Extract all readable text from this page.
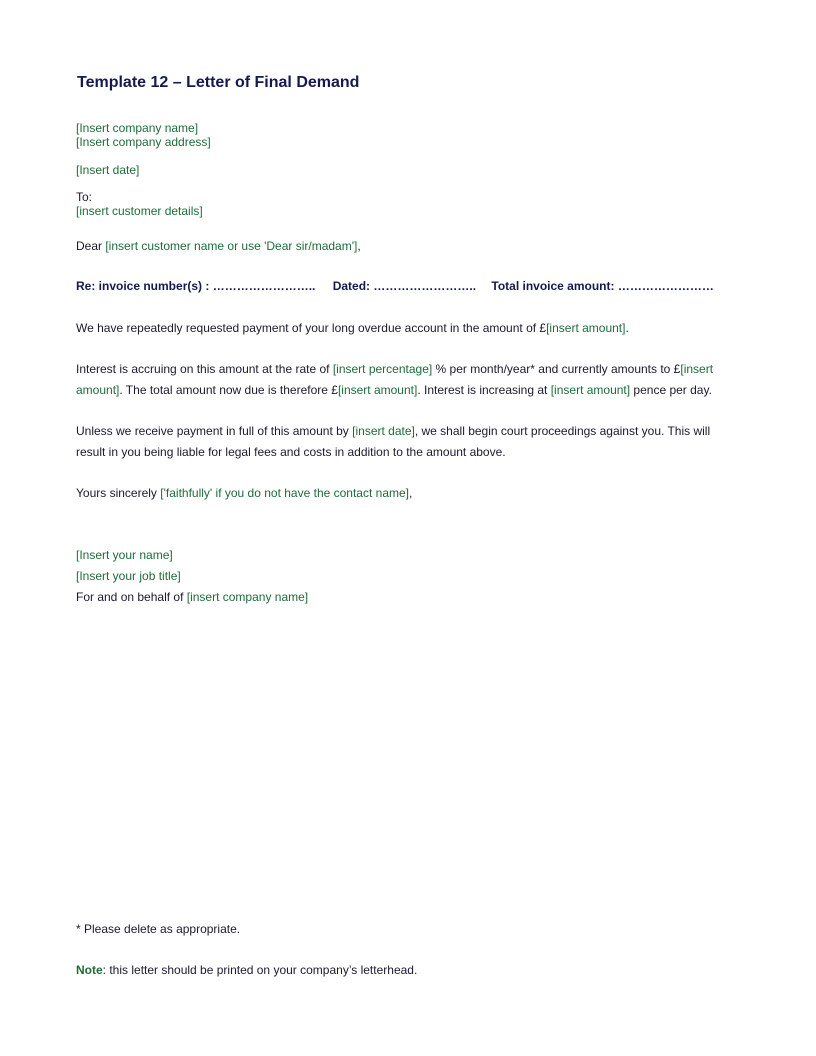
Template 12 – Letter of Final Demand
[Insert company name]
[Insert company address]
[Insert date]
To:
[insert customer details]
Dear [insert customer name or use 'Dear sir/madam'],
Re: invoice number(s) : …………………….. Dated: …………………….. Total invoice amount: ……………………
We have repeatedly requested payment of your long overdue account in the amount of £[insert amount].
Interest is accruing on this amount at the rate of [insert percentage] % per month/year* and currently amounts to £[insert amount]. The total amount now due is therefore £[insert amount]. Interest is increasing at [insert amount] pence per day.
Unless we receive payment in full of this amount by [insert date], we shall begin court proceedings against you. This will result in you being liable for legal fees and costs in addition to the amount above.
Yours sincerely ['faithfully' if you do not have the contact name],
[Insert your name]
[Insert your job title]
For and on behalf of [insert company name]
* Please delete as appropriate.
Note: this letter should be printed on your company’s letterhead.
